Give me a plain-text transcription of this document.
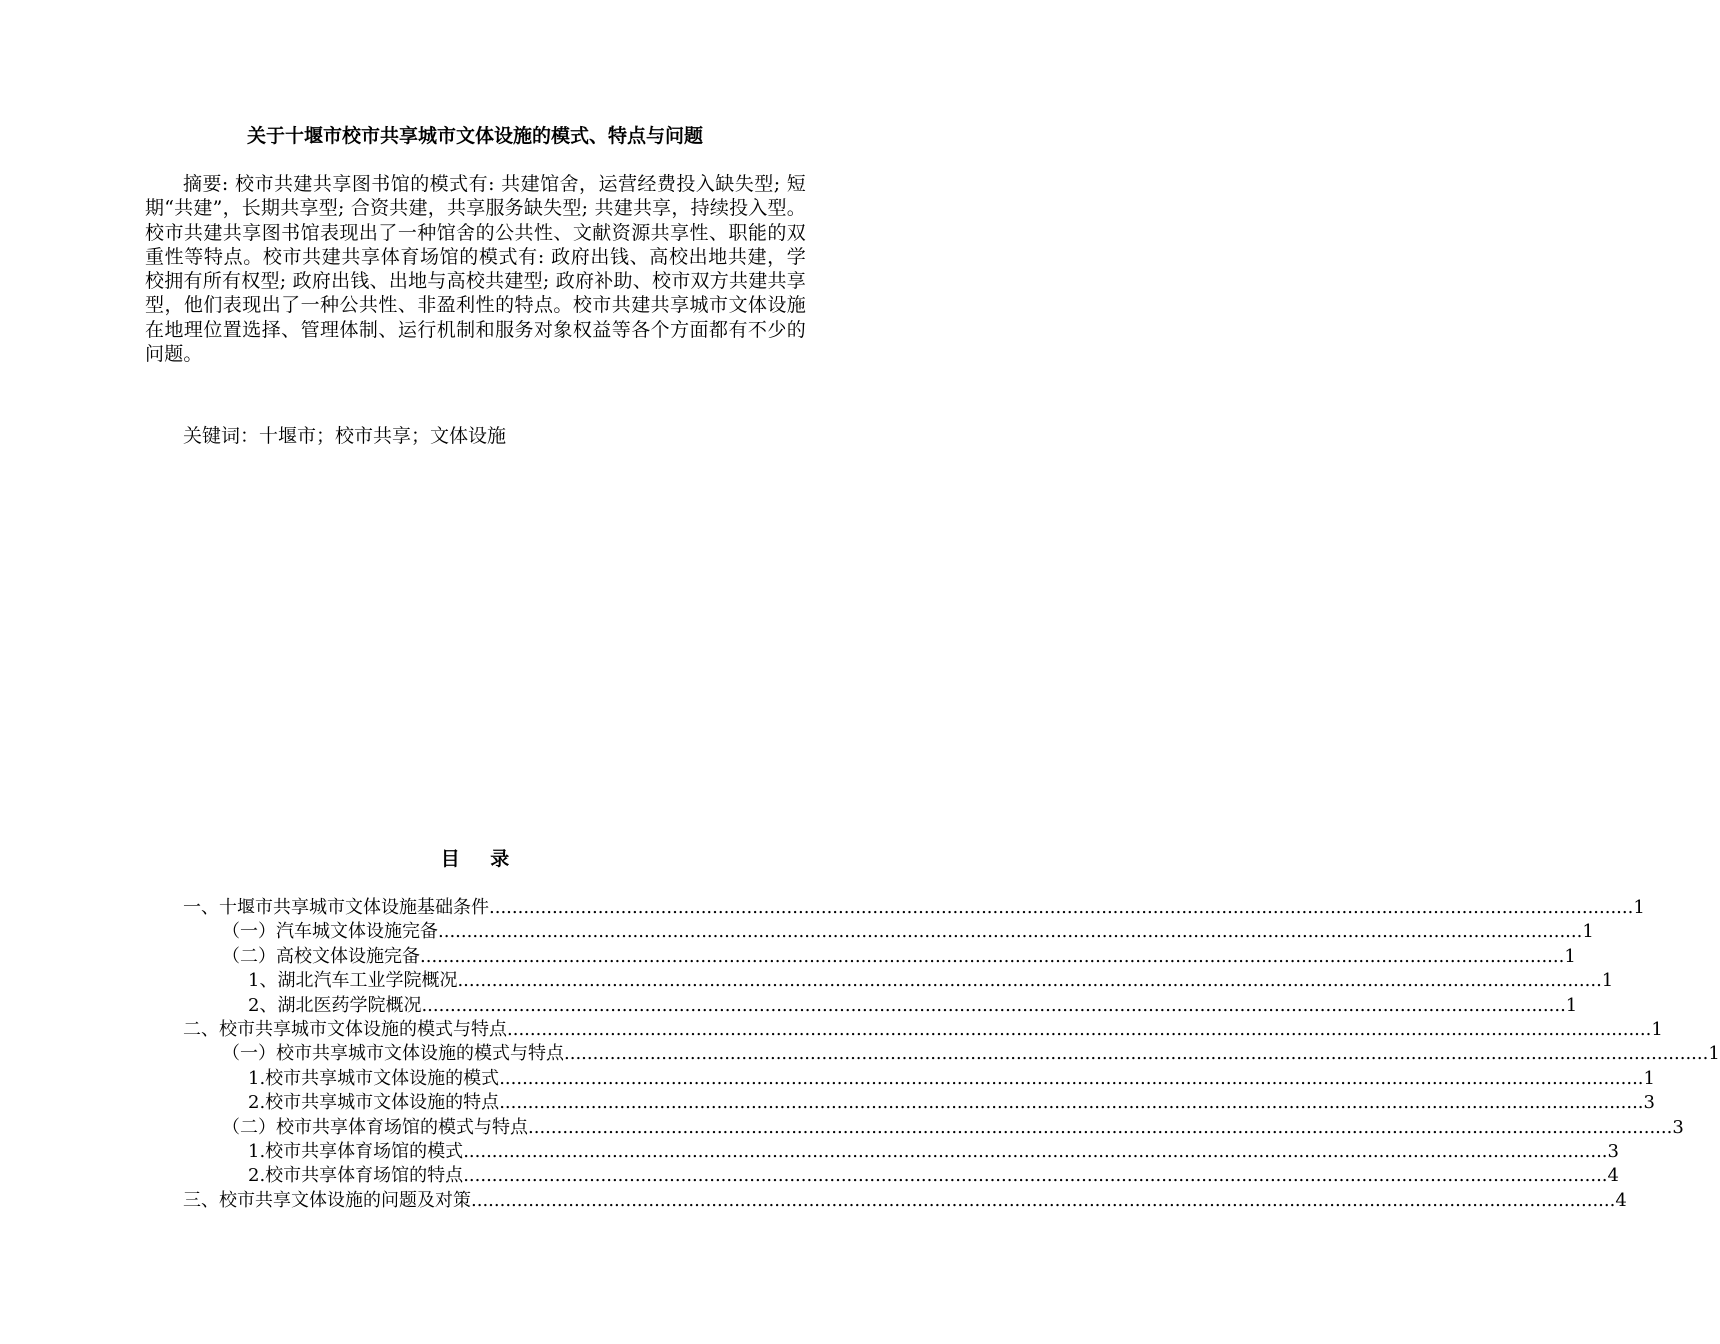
关于十堰市校市共享城市文体设施的模式、特点与问题

摘要: 校市共建共享图书馆的模式有: 共建馆舍，运营经费投入缺失型; 短期“共建”，长期共享型; 合资共建，共享服务缺失型; 共建共享，持续投入型。校市共建共享图书馆表现出了一种馆舍的公共性、文献资源共享性、职能的双重性等特点。校市共建共享体育场馆的模式有: 政府出钱、高校出地共建，学校拥有所有权型; 政府出钱、出地与高校共建型; 政府补助、校市双方共建共享型，他们表现出了一种公共性、非盈利性的特点。校市共建共享城市文体设施在地理位置选择、管理体制、运行机制和服务对象权益等各个方面都有不少的问题。

关键词：十堰市；校市共享；文体设施

目 录
一、十堰市共享城市文体设施基础条件 ........................................................................................................................................................................................................ 1
（一）汽车城文体设施完备 ........................................................................................................................................................................................................ 1
（二）高校文体设施完备 ........................................................................................................................................................................................................ 1
1、湖北汽车工业学院概况 ........................................................................................................................................................................................................ 1
2、湖北医药学院概况 ........................................................................................................................................................................................................ 1
二、校市共享城市文体设施的模式与特点 ........................................................................................................................................................................................................ 1
（一）校市共享城市文体设施的模式与特点 ........................................................................................................................................................................................................ 1
1.校市共享城市文体设施的模式 ........................................................................................................................................................................................................ 1
2.校市共享城市文体设施的特点 ........................................................................................................................................................................................................ 3
（二）校市共享体育场馆的模式与特点 ........................................................................................................................................................................................................ 3
1.校市共享体育场馆的模式 ........................................................................................................................................................................................................ 3
2.校市共享体育场馆的特点 ........................................................................................................................................................................................................ 4
三、校市共享文体设施的问题及对策 ........................................................................................................................................................................................................ 4
